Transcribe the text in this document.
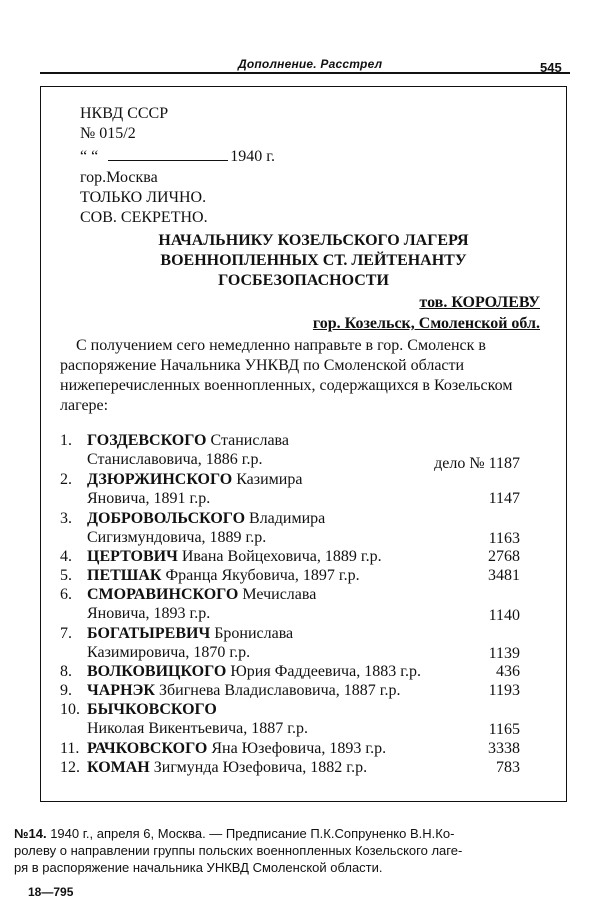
Дополнение. Расстрел	545
НКВД СССР
№ 015/2
“ “	1940 г.
гор.Москва
ТОЛЬКО ЛИЧНО.
СОВ. СЕКРЕТНО.
НАЧАЛЬНИКУ КОЗЕЛЬСКОГО ЛАГЕРЯ
ВОЕННОПЛЕННЫХ СТ. ЛЕЙТЕНАНТУ
ГОСБЕЗОПАСНОСТИ
тов. КОРОЛЕВУ
гор. Козельск, Смоленской обл.
С получением сего немедленно направьте в гор. Смоленск в
распоряжение Начальника УНКВД по Смоленской области
нижеперечисленных военнопленных, содержащихся в Козельском
лагере:
1. ГОЗДЕВСКОГО Станислава
Станиславовича, 1886 г.р.	дело № 1187
2. ДЗЮРЖИНСКОГО Казимира
Яновича, 1891 г.р.	1147
3. ДОБРОВОЛЬСКОГО Владимира
Сигизмундовича, 1889 г.р.	1163
4. ЦЕРТОВИЧ Ивана Войцеховича, 1889 г.р.	2768
5. ПЕТШАК Франца Якубовича, 1897 г.р.	3481
6. СМОРАВИНСКОГО Мечислава
Яновича, 1893 г.р.	1140
7. БОГАТЫРЕВИЧ Бронислава
Казимировича, 1870 г.р.	1139
8. ВОЛКОВИЦКОГО Юрия Фаддеевича, 1883 г.р.	436
9. ЧАРНЭК Збигнева Владиславовича, 1887 г.р.	1193
10. БЫЧКОВСКОГО
Николая Викентьевича, 1887 г.р.	1165
11. РАЧКОВСКОГО Яна Юзефовича, 1893 г.р.	3338
12. КОМАН Зигмунда Юзефовича, 1882 г.р.	783
№14. 1940 г., апреля 6, Москва. — Предписание П.К.Сопруненко В.Н.Ко-
ролеву о направлении группы польских военнопленных Козельского лаге-
ря в распоряжение начальника УНКВД Смоленской области.
18—795
